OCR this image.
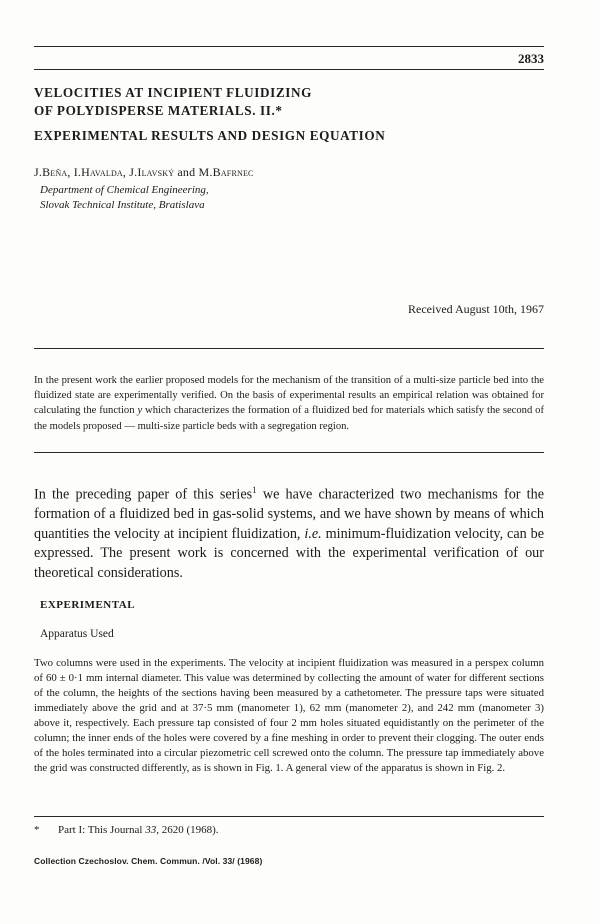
2833
VELOCITIES AT INCIPIENT FLUIDIZING
OF POLYDISPERSE MATERIALS. II.*
EXPERIMENTAL RESULTS AND DESIGN EQUATION
J.Beňa, I.Havalda, J.Ilavský and M.Bafrnec
Department of Chemical Engineering,
Slovak Technical Institute, Bratislava
Received August 10th, 1967
In the present work the earlier proposed models for the mechanism of the transition of a multi-size particle bed into the fluidized state are experimentally verified. On the basis of experimental results an empirical relation was obtained for calculating the function y which characterizes the formation of a fluidized bed for materials which satisfy the second of the models proposed — multi-size particle beds with a segregation region.
In the preceding paper of this series$^1$ we have characterized two mechanisms for the formation of a fluidized bed in gas-solid systems, and we have shown by means of which quantities the velocity at incipient fluidization, i.e. minimum-fluidization velocity, can be expressed. The present work is concerned with the experimental verification of our theoretical considerations.
EXPERIMENTAL
Apparatus Used
Two columns were used in the experiments. The velocity at incipient fluidization was measured in a perspex column of 60 ± 0·1 mm internal diameter. This value was determined by collecting the amount of water for different sections of the column, the heights of the sections having been measured by a cathetometer. The pressure taps were situated immediately above the grid and at 37·5 mm (manometer 1), 62 mm (manometer 2), and 242 mm (manometer 3) above it, respectively. Each pressure tap consisted of four 2 mm holes situated equidistantly on the perimeter of the column; the inner ends of the holes were covered by a fine meshing in order to prevent their clogging. The outer ends of the holes terminated into a circular piezometric cell screwed onto the column. The pressure tap immediately above the grid was constructed differently, as is shown in Fig. 1. A general view of the apparatus is shown in Fig. 2.
* Part I: This Journal 33, 2620 (1968).
Collection Czechoslov. Chem. Commun. /Vol. 33/ (1968)
